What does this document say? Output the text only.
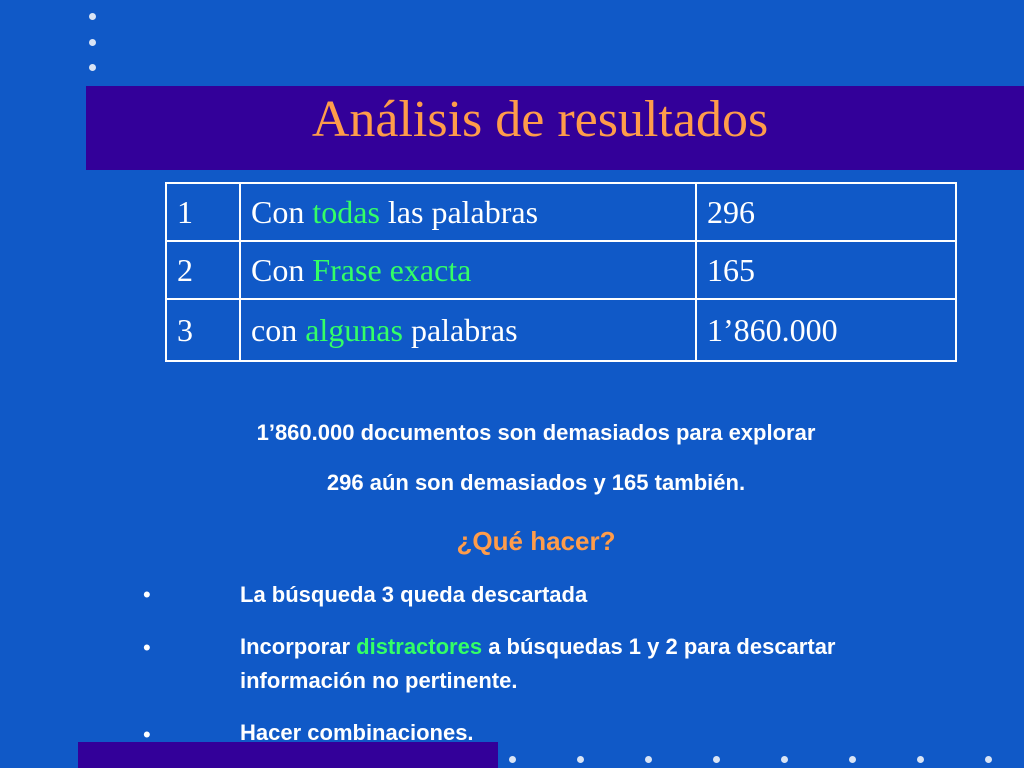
Análisis de resultados
1	Con todas las palabras	296
2	Con Frase exacta	165
3	con algunas palabras	1’860.000

1’860.000 documentos son demasiados para explorar

296 aún son demasiados y 165 también.

¿Qué hacer?

•	La búsqueda 3 queda descartada

•	Incorporar distractores a búsquedas 1 y 2 para descartar información no pertinente.

•	Hacer combinaciones.
